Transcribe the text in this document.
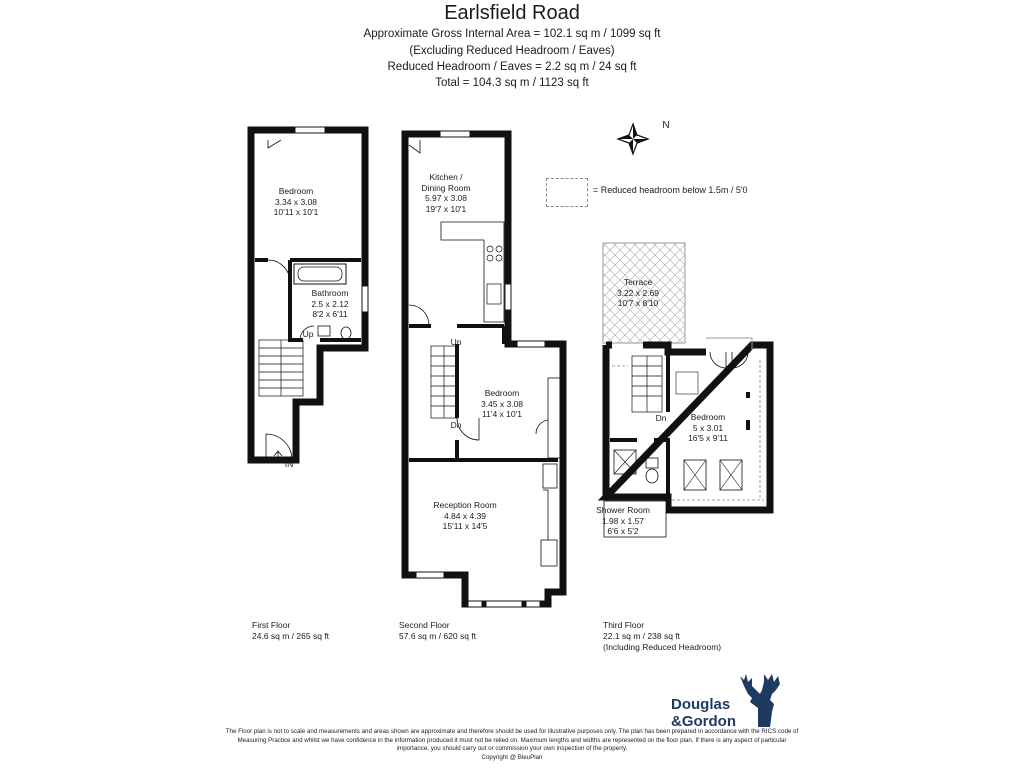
Earlsfield Road
Approximate Gross Internal Area = 102.1 sq m / 1099 sq ft
(Excluding Reduced Headroom / Eaves)
Reduced Headroom / Eaves = 2.2 sq m / 24 sq ft
Total = 104.3 sq m / 1123 sq ft
N
= Reduced headroom below 1.5m / 5'0
Bedroom
3.34 x 3.08
10'11 x 10'1
Bathroom
2.5 x 2.12
8'2 x 6'11
Kitchen /
Dining Room
5.97 x 3.08
19'7 x 10'1
Bedroom
3.45 x 3.08
11'4 x 10'1
Reception Room
4.84 x 4.39
15'11 x 14'5
Terrace
3.22 x 2.69
10'7 x 8'10
Bedroom
5 x 3.01
16'5 x 9'11
Shower Room
1.98 x 1.57
6'6 x 5'2
Up
Up
Dn
Dn
IN
First Floor
24.6 sq m / 265 sq ft
Second Floor
57.6 sq m / 620 sq ft
Third Floor
22.1 sq m / 238 sq ft
(Including Reduced Headroom)
Douglas
&Gordon
The Floor plan is not to scale and measurements and areas shown are approximate and therefore should be used for illustrative purposes only. The plan has been prepared in accordance with the RICS code of Measuring Practice and whilst we have confidence in the information produced it must not be relied on. Maximum lengths and widths are represented on the floor plan. If there is any aspect of particular importance, you should carry out or commission your own inspection of the property.
Copyright @ BleuPlan
